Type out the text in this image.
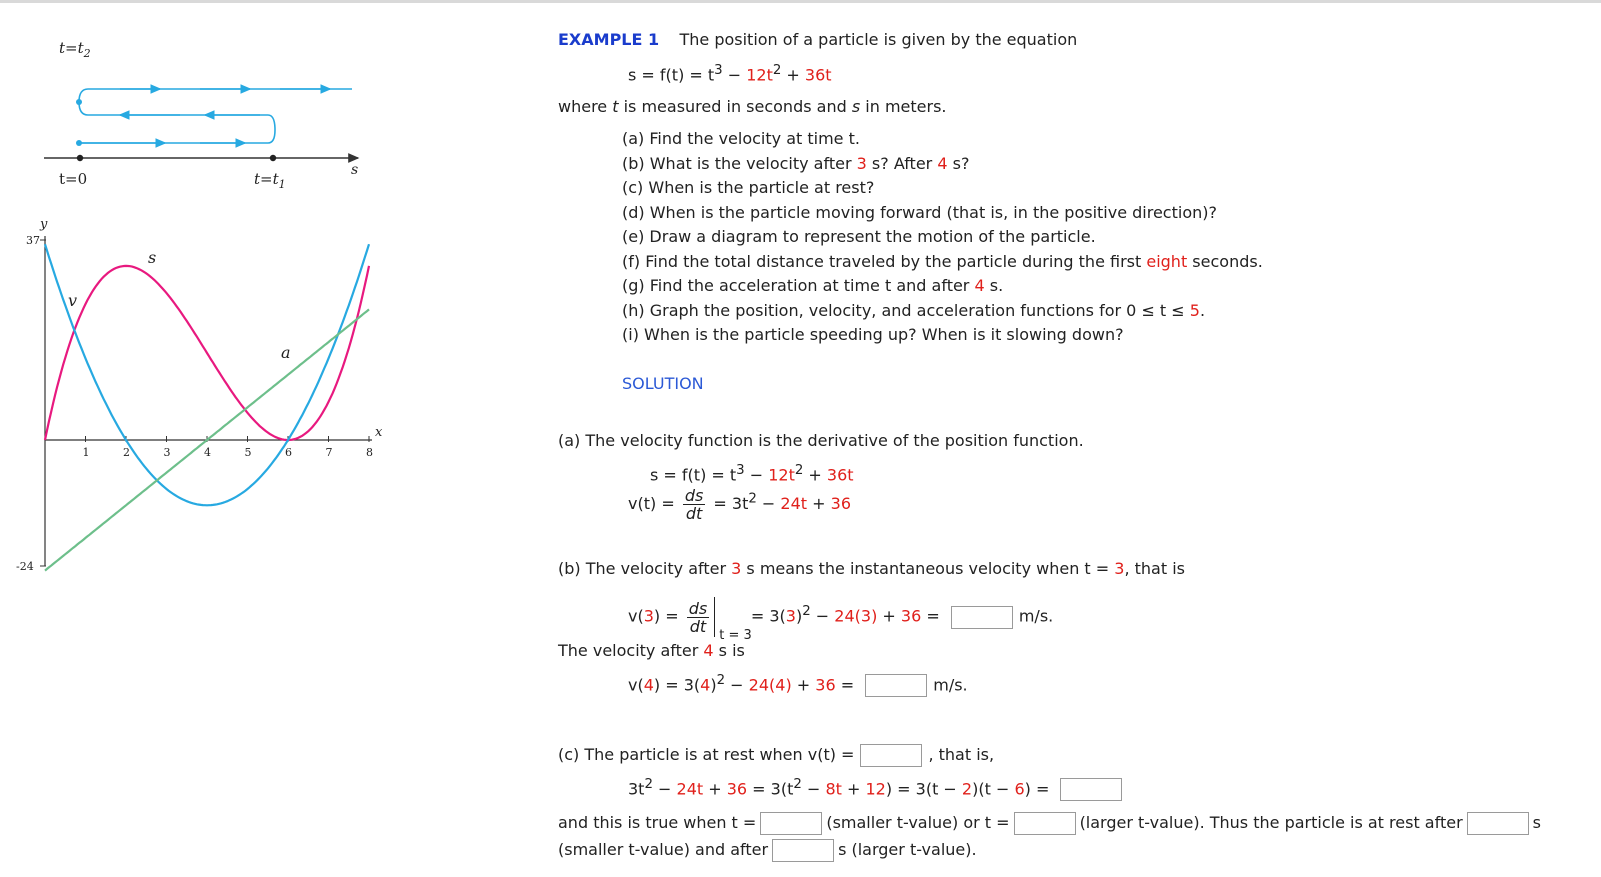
$t=t_2$
t=0	$t=t_1$
s
y
x
37
-24
1	2	3	4	5	6	7	8
s
v
a
EXAMPLE 1 The position of a particle is given by the equation
$s = f(t) = t^3 - 12t^2 + 36t$
where t is measured in seconds and s in meters.
(a) Find the velocity at time t.
(b) What is the velocity after 3 s? After 4 s?
(c) When is the particle at rest?
(d) When is the particle moving forward (that is, in the positive direction)?
(e) Draw a diagram to represent the motion of the particle.
(f) Find the total distance traveled by the particle during the first eight seconds.
(g) Find the acceleration at time t and after 4 s.
(h) Graph the position, velocity, and acceleration functions for 0 ≤ t ≤ 5.
(i) When is the particle speeding up? When is it slowing down?
SOLUTION
(a) The velocity function is the derivative of the position function.
$s = f(t) = t^3 - 12t^2 + 36t$
$v(t) = \frac{ds}{dt} = 3t^2 - 24t + 36$
(b) The velocity after 3 s means the instantaneous velocity when t = 3, that is
$v(3) = \frac{ds}{dt}$
t = 3
= $3(3)^2 - 24(3) + 36$ =	m/s.
The velocity after 4 s is
$v(4) = 3(4)^2 - 24(4) + 36$ =	m/s.
(c) The particle is at rest when v(t) =	, that is,
$3t^2 - 24t + 36 = 3(t^2 - 8t + 12) = 3(t - 2)(t - 6)$ =
and this is true when t =	(smaller t-value) or t =	(larger t-value). Thus the particle is at rest after	s
(smaller t-value) and after	s (larger t-value).
